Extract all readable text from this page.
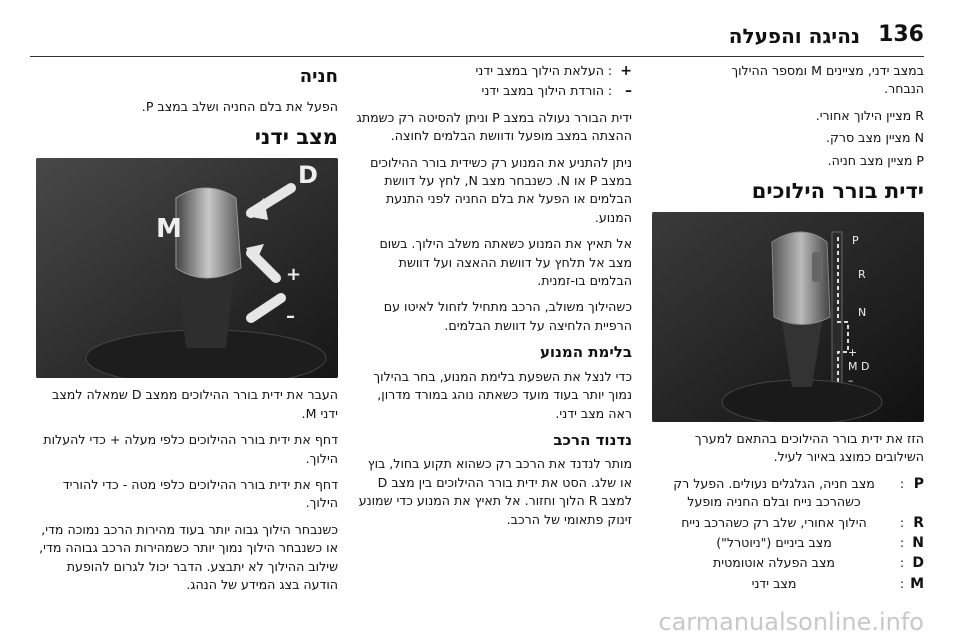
136
נהיגה והפעלה

במצב ידני, מציינים M ומספר ההילוך
הנבחר.

R מציין הילוך אחורי.

N מציין מצב סרק.

P מציין מצב חניה.

ידית בורר הילוכים
P
R
N
+
M D
–

הזז את ידית בורר ההילוכים בהתאם למערך השילובים כמוצג באיור לעיל.

P
:
מצב חניה, הגלגלים נעולים. הפעל רק כשהרכב נייח ובלם החניה מופעל
R
:
הילוך אחורי, שלב רק כשהרכב נייח
N
:
מצב ביניים ("ניוטרל")
D
:
מצב הפעלה אוטומטית
M
:
מצב ידני
+
:
העלאת הילוך במצב ידני
–
:
הורדת הילוך במצב ידני

ידית הבורר נעולה במצב P וניתן להסיטה רק כשמתג ההצתה במצב מופעל ודוושת הבלמים לחוצה.

ניתן להתניע את המנוע רק כשידית בורר ההילוכים במצב P או N. כשנבחר מצב N, לחץ על דוושת הבלמים או הפעל את בלם החניה לפני התנעת המנוע.

אל תאיץ את המנוע כשאתה משלב הילוך. בשום מצב אל תלחץ על דוושת ההאצה ועל דוושת הבלמים בו-זמנית.

כשהילוך משולב, הרכב מתחיל לזחול לאיטו עם הרפיית הלחיצה על דוושת הבלמים.

בלימת המנוע

כדי לנצל את השפעת בלימת המנוע, בחר בהילוך נמוך יותר בעוד מועד כשאתה נוהג במורד מדרון, ראה מצב ידני.

נדנוד הרכב

מותר לנדנד את הרכב רק כשהוא תקוע בחול, בוץ או שלג. הסט את ידית בורר ההילוכים בין מצב D למצב R הלוך וחזור. אל תאיץ את המנוע כדי שמונע זינוק פתאומי של הרכב.

חניה

הפעל את בלם החניה ושלב במצב P.

מצב ידני
D
M
+
–

העבר את ידית בורר ההילוכים ממצב D שמאלה למצב ידני M.

דחף את ידית בורר ההילוכים כלפי מעלה + כדי להעלות הילוך.

דחף את ידית בורר ההילוכים כלפי מטה - כדי להוריד הילוך.

כשנבחר הילוך גבוה יותר בעוד מהירות הרכב נמוכה מדי, או כשנבחר הילוך נמוך יותר כשמהירות הרכב גבוהה מדי, שילוב ההילוך לא יתבצע. הדבר יכול לגרום להופעת הודעה בצג המידע של הנהג.

carmanualsonline.info
